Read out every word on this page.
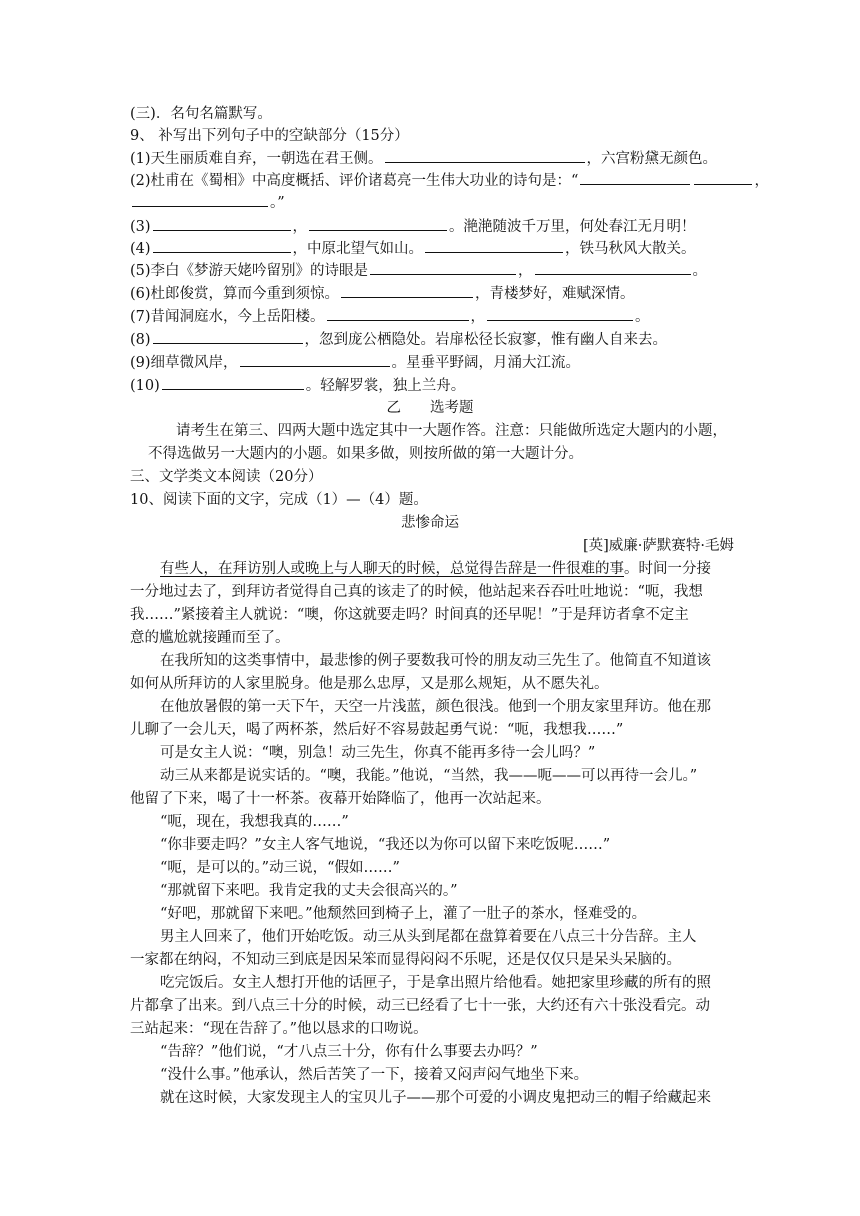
(三)．名句名篇默写。
9、 补写出下列句子中的空缺部分（15分）
(1)天生丽质难自弃，一朝选在君王侧。	，六宫粉黛无颜色。
(2)杜甫在《蜀相》中高度概括、评价诸葛亮一生伟大功业的诗句是：“	，
。”
(3)	，	。滟滟随波千万里，何处春江无月明！
(4)	，中原北望气如山。	，铁马秋风大散关。
(5)李白《梦游天姥吟留别》的诗眼是	，	。
(6)杜郎俊赏，算而今重到须惊。	，青楼梦好，难赋深情。
(7)昔闻洞庭水，今上岳阳楼。	，	。
(8)	，忽到庞公栖隐处。岩扉松径长寂寥，惟有幽人自来去。
(9)细草微风岸，	。星垂平野阔，月涌大江流。
(10)	。轻解罗裳，独上兰舟。
乙　　选考题
请考生在第三、四两大题中选定其中一大题作答。注意：只能做所选定大题内的小题，
不得选做另一大题内的小题。如果多做，则按所做的第一大题计分。
三、文学类文本阅读（20分）
10、阅读下面的文字，完成（1）—（4）题。
悲惨命运
[英]威廉·萨默赛特·毛姆
有些人，在拜访别人或晚上与人聊天的时候，总觉得告辞是一件很难的事。时间一分接
一分地过去了，到拜访者觉得自己真的该走了的时候，他站起来吞吞吐吐地说：“呃，我想
我……”紧接着主人就说：“噢，你这就要走吗？时间真的还早呢！”于是拜访者拿不定主
意的尴尬就接踵而至了。
在我所知的这类事情中，最悲惨的例子要数我可怜的朋友动三先生了。他简直不知道该
如何从所拜访的人家里脱身。他是那么忠厚，又是那么规矩，从不愿失礼。
在他放暑假的第一天下午，天空一片浅蓝，颜色很浅。他到一个朋友家里拜访。他在那
儿聊了一会儿天，喝了两杯茶，然后好不容易鼓起勇气说：“呃，我想我……”
可是女主人说：“噢，别急！动三先生，你真不能再多待一会儿吗？”
动三从来都是说实话的。“噢，我能。”他说，“当然，我——呃——可以再待一会儿。”
他留了下来，喝了十一杯茶。夜幕开始降临了，他再一次站起来。
“呃，现在，我想我真的……”
“你非要走吗？”女主人客气地说，“我还以为你可以留下来吃饭呢……”
“呃，是可以的。”动三说，“假如……”
“那就留下来吧。我肯定我的丈夫会很高兴的。”
“好吧，那就留下来吧。”他颓然回到椅子上，灌了一肚子的茶水，怪难受的。
男主人回来了，他们开始吃饭。动三从头到尾都在盘算着要在八点三十分告辞。主人
一家都在纳闷，不知动三到底是因呆笨而显得闷闷不乐呢，还是仅仅只是呆头呆脑的。
吃完饭后。女主人想打开他的话匣子，于是拿出照片给他看。她把家里珍藏的所有的照
片都拿了出来。到八点三十分的时候，动三已经看了七十一张，大约还有六十张没看完。动
三站起来：“现在告辞了。”他以恳求的口吻说。
“告辞？”他们说，“才八点三十分，你有什么事要去办吗？”
“没什么事。”他承认，然后苦笑了一下，接着又闷声闷气地坐下来。
就在这时候，大家发现主人的宝贝儿子——那个可爱的小调皮鬼把动三的帽子给藏起来
